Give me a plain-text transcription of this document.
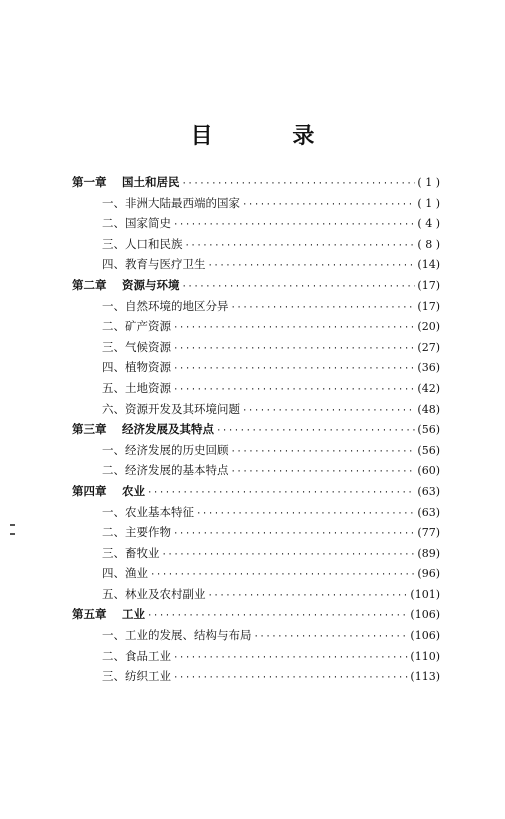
目 录
第一章	国土和居民 ·····	( 1 )
一、非洲大陆最西端的国家 ·····	( 1 )
二、国家简史 ·····	( 4 )
三、人口和民族 ·····	( 8 )
四、教育与医疗卫生 ·····	(14)
第二章	资源与环境 ·····	(17)
一、自然环境的地区分异 ·····	(17)
二、矿产资源 ·····	(20)
三、气候资源 ·····	(27)
四、植物资源 ·····	(36)
五、土地资源 ·····	(42)
六、资源开发及其环境问题 ·····	(48)
第三章	经济发展及其特点 ·····	(56)
一、经济发展的历史回顾 ·····	(56)
二、经济发展的基本特点 ·····	(60)
第四章	农业 ·····	(63)
一、农业基本特征 ·····	(63)
二、主要作物 ·····	(77)
三、畜牧业 ·····	(89)
四、渔业 ·····	(96)
五、林业及农村副业 ·····	(101)
第五章	工业 ·····	(106)
一、工业的发展、结构与布局 ·····	(106)
二、食品工业 ·····	(110)
三、纺织工业 ·····	(113)
